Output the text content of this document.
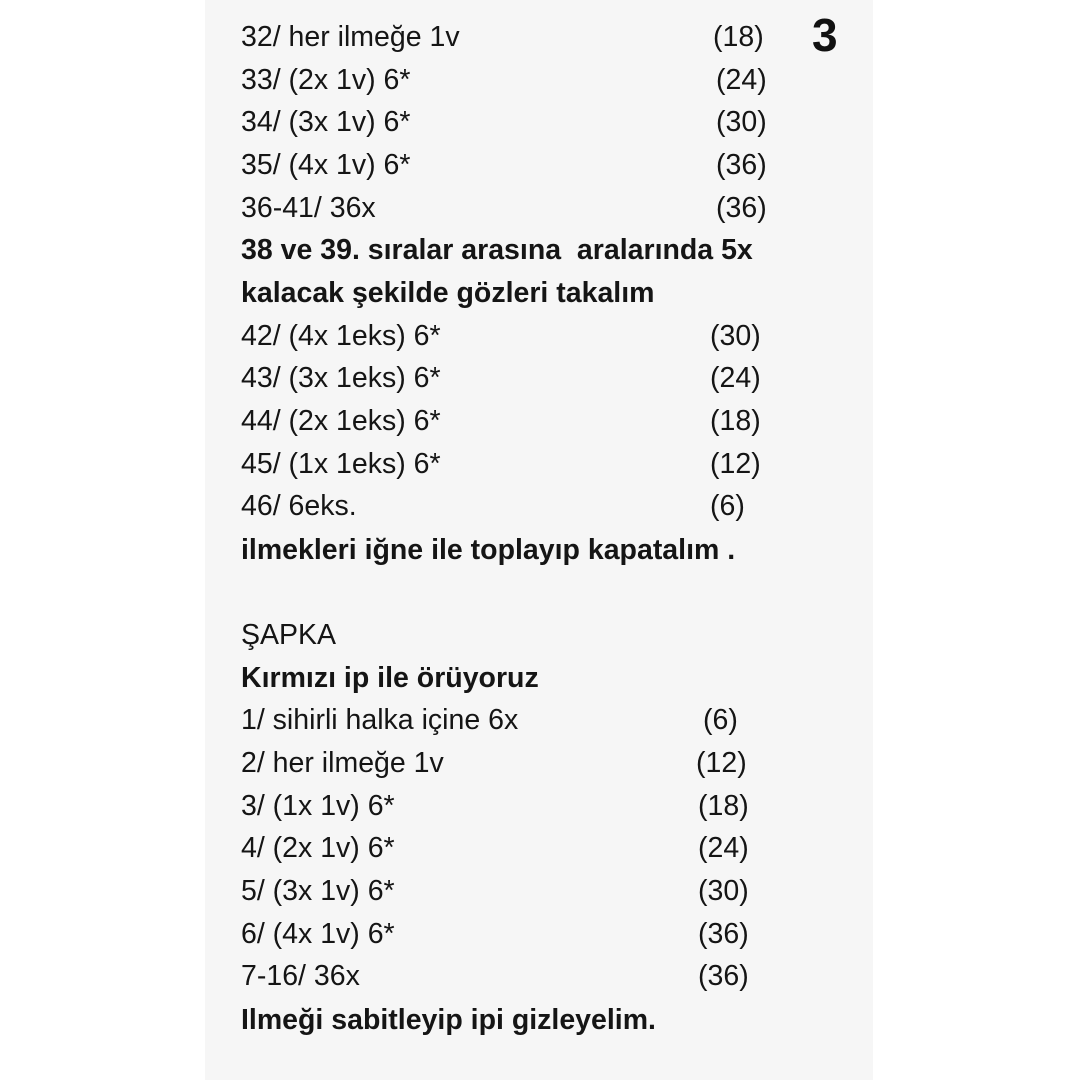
3
32/ her ilmeğe 1v	(18)
33/ (2x 1v) 6*	(24)
34/ (3x 1v) 6*	(30)
35/ (4x 1v) 6*	(36)
36-41/ 36x	(36)
38 ve 39. sıralar arasına  aralarında 5x
kalacak şekilde gözleri takalım
42/ (4x 1eks) 6*	(30)
43/ (3x 1eks) 6*	(24)
44/ (2x 1eks) 6*	(18)
45/ (1x 1eks) 6*	(12)
46/ 6eks.	(6)
ilmekleri iğne ile toplayıp kapatalım .
ŞAPKA
Kırmızı ip ile örüyoruz
1/ sihirli halka içine 6x	(6)
2/ her ilmeğe 1v	(12)
3/ (1x 1v) 6*	(18)
4/ (2x 1v) 6*	(24)
5/ (3x 1v) 6*	(30)
6/ (4x 1v) 6*	(36)
7-16/ 36x	(36)
Ilmeği sabitleyip ipi gizleyelim.
